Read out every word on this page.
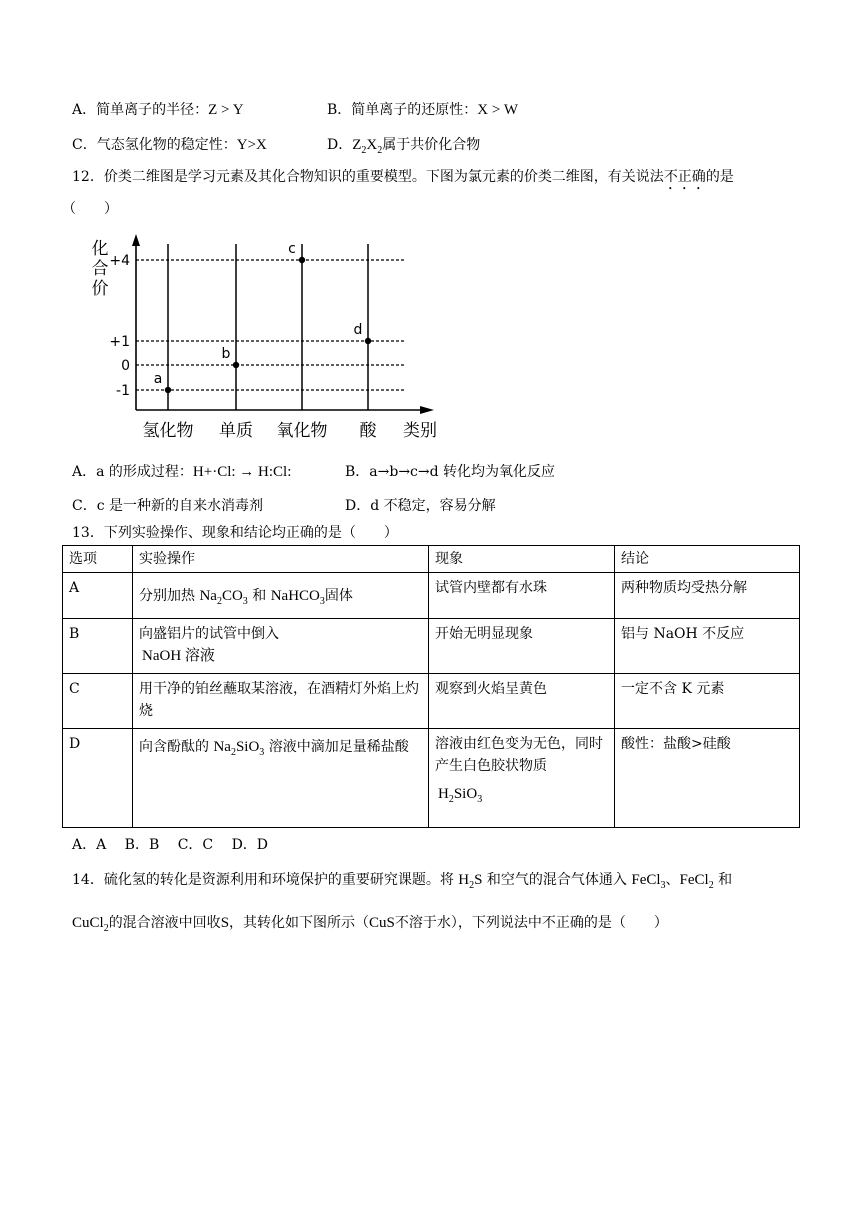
A．简单离子的半径：Z > Y	B．简单离子的还原性：X > W
C．气态氢化物的稳定性：Y>X	D．$Z_2X_2$属于共价化合物
12．价类二维图是学习元素及其化合物知识的重要模型。下图为氯元素的价类二维图，有关说法不正确的是
（　　）
+4
+1
0
-1
化
合
价
氢化物 单质 氧化物 酸 类别
a
b
c
d
A．a 的形成过程：H+·Cl: → H:Cl:	B．a→b→c→d 转化均为氧化反应
C．c 是一种新的自来水消毒剂	D．d 不稳定，容易分解
13．下列实验操作、现象和结论均正确的是（　　）
选项	实验操作	现象	结论
A	分别加热 $Na_2CO_3$ 和 NaHCO$_3$固体	试管内壁都有水珠	两种物质均受热分解
B	向盛铝片的试管中倒入
NaOH 溶液	开始无明显现象	铝与 NaOH 不反应
C	用干净的铂丝蘸取某溶液，在酒精灯外焰上灼烧	观察到火焰呈黄色	一定不含 K 元素
D	向含酚酞的 $Na_2SiO_3$ 溶液中滴加足量稀盐酸	溶液由红色变为无色，同时产生白色胶状物质
$H_2SiO_3$	酸性：盐酸>硅酸
A．A　 B．B　 C．C　 D．D
14．硫化氢的转化是资源利用和环境保护的重要研究课题。将 $H_2S$ 和空气的混合气体通入 FeCl$_3$、FeCl$_2$ 和
CuCl$_2$的混合溶液中回收S，其转化如下图所示（CuS不溶于水），下列说法中不正确的是（　　）
